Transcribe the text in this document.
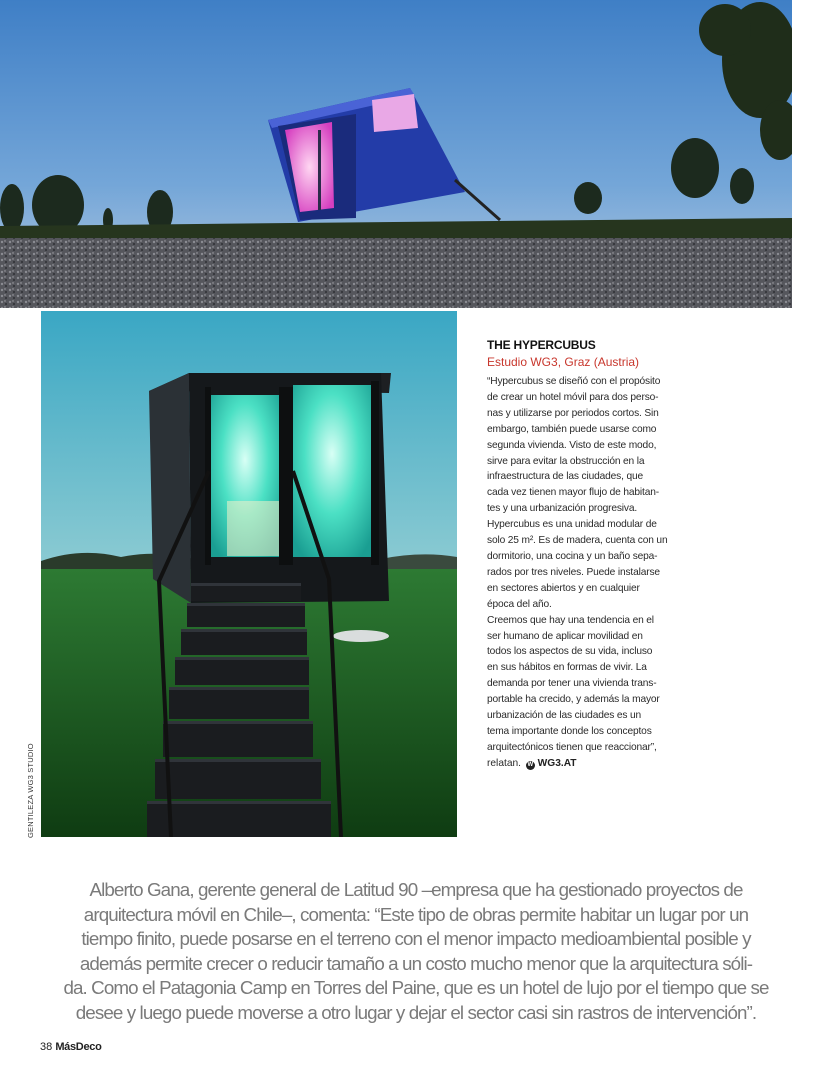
GENTILEZA WG3 STUDIO
THE HYPERCUBUS
Estudio WG3, Graz (Austria)
“Hypercubus se diseñó con el propósito
de crear un hotel móvil para dos perso-
nas y utilizarse por periodos cortos. Sin
embargo, también puede usarse como
segunda vivienda. Visto de este modo,
sirve para evitar la obstrucción en la
infraestructura de las ciudades, que
cada vez tienen mayor flujo de habitan-
tes y una urbanización progresiva.
Hypercubus es una unidad modular de
solo 25 m². Es de madera, cuenta con un
dormitorio, una cocina y un baño sepa-
rados por tres niveles. Puede instalarse
en sectores abiertos y en cualquier
época del año.
Creemos que hay una tendencia en el
ser humano de aplicar movilidad en
todos los aspectos de su vida, incluso
en sus hábitos en formas de vivir. La
demanda por tener una vivienda trans-
portable ha crecido, y además la mayor
urbanización de las ciudades es un
tema importante donde los conceptos
arquitectónicos tienen que reaccionar”,
relatan. W WG3.AT
Alberto Gana, gerente general de Latitud 90 –empresa que ha gestionado proyectos de
arquitectura móvil en Chile–, comenta: “Este tipo de obras permite habitar un lugar por un
tiempo finito, puede posarse en el terreno con el menor impacto medioambiental posible y
además permite crecer o reducir tamaño a un costo mucho menor que la arquitectura sóli-
da. Como el Patagonia Camp en Torres del Paine, que es un hotel de lujo por el tiempo que se
desee y luego puede moverse a otro lugar y dejar el sector casi sin rastros de intervención”.
38 MásDeco
